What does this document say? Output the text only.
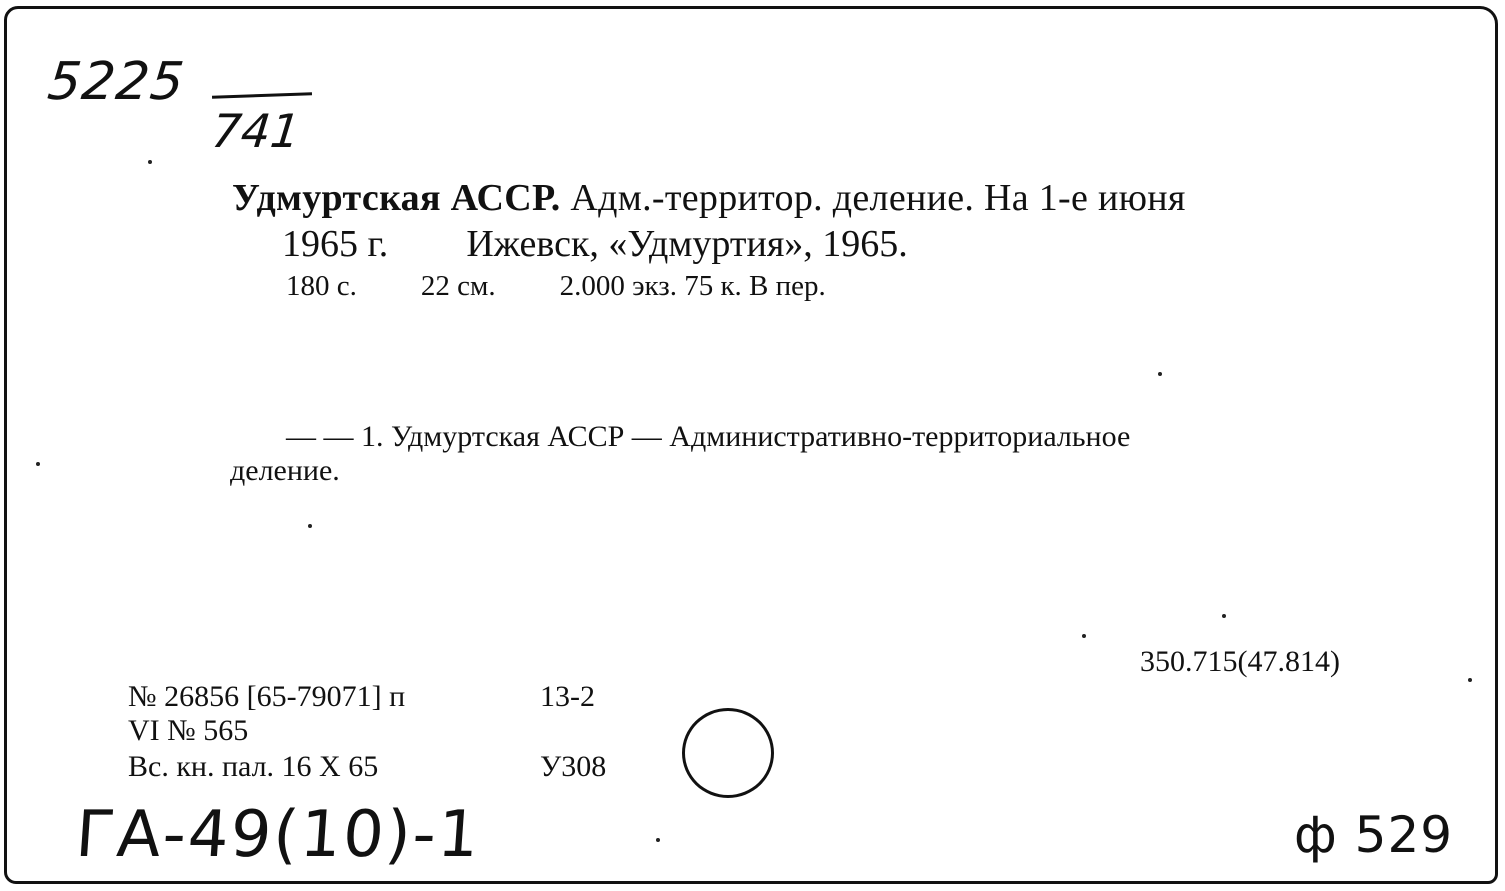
5225
741
Удмуртская АССР. Адм.-территор. деление. На 1-е июня
1965 г. Ижевск, «Удмуртия», 1965.
180 с. 22 см. 2.000 экз. 75 к. В пер.
— — 1. Удмуртская АССР — Административно-территориальное
деление.
350.715(47.814)
№ 26856 [65-79071] п	13-2
VI № 565
Вс. кн. пал. 16 X 65	У308
ГА-49(10)-1	ф 529
